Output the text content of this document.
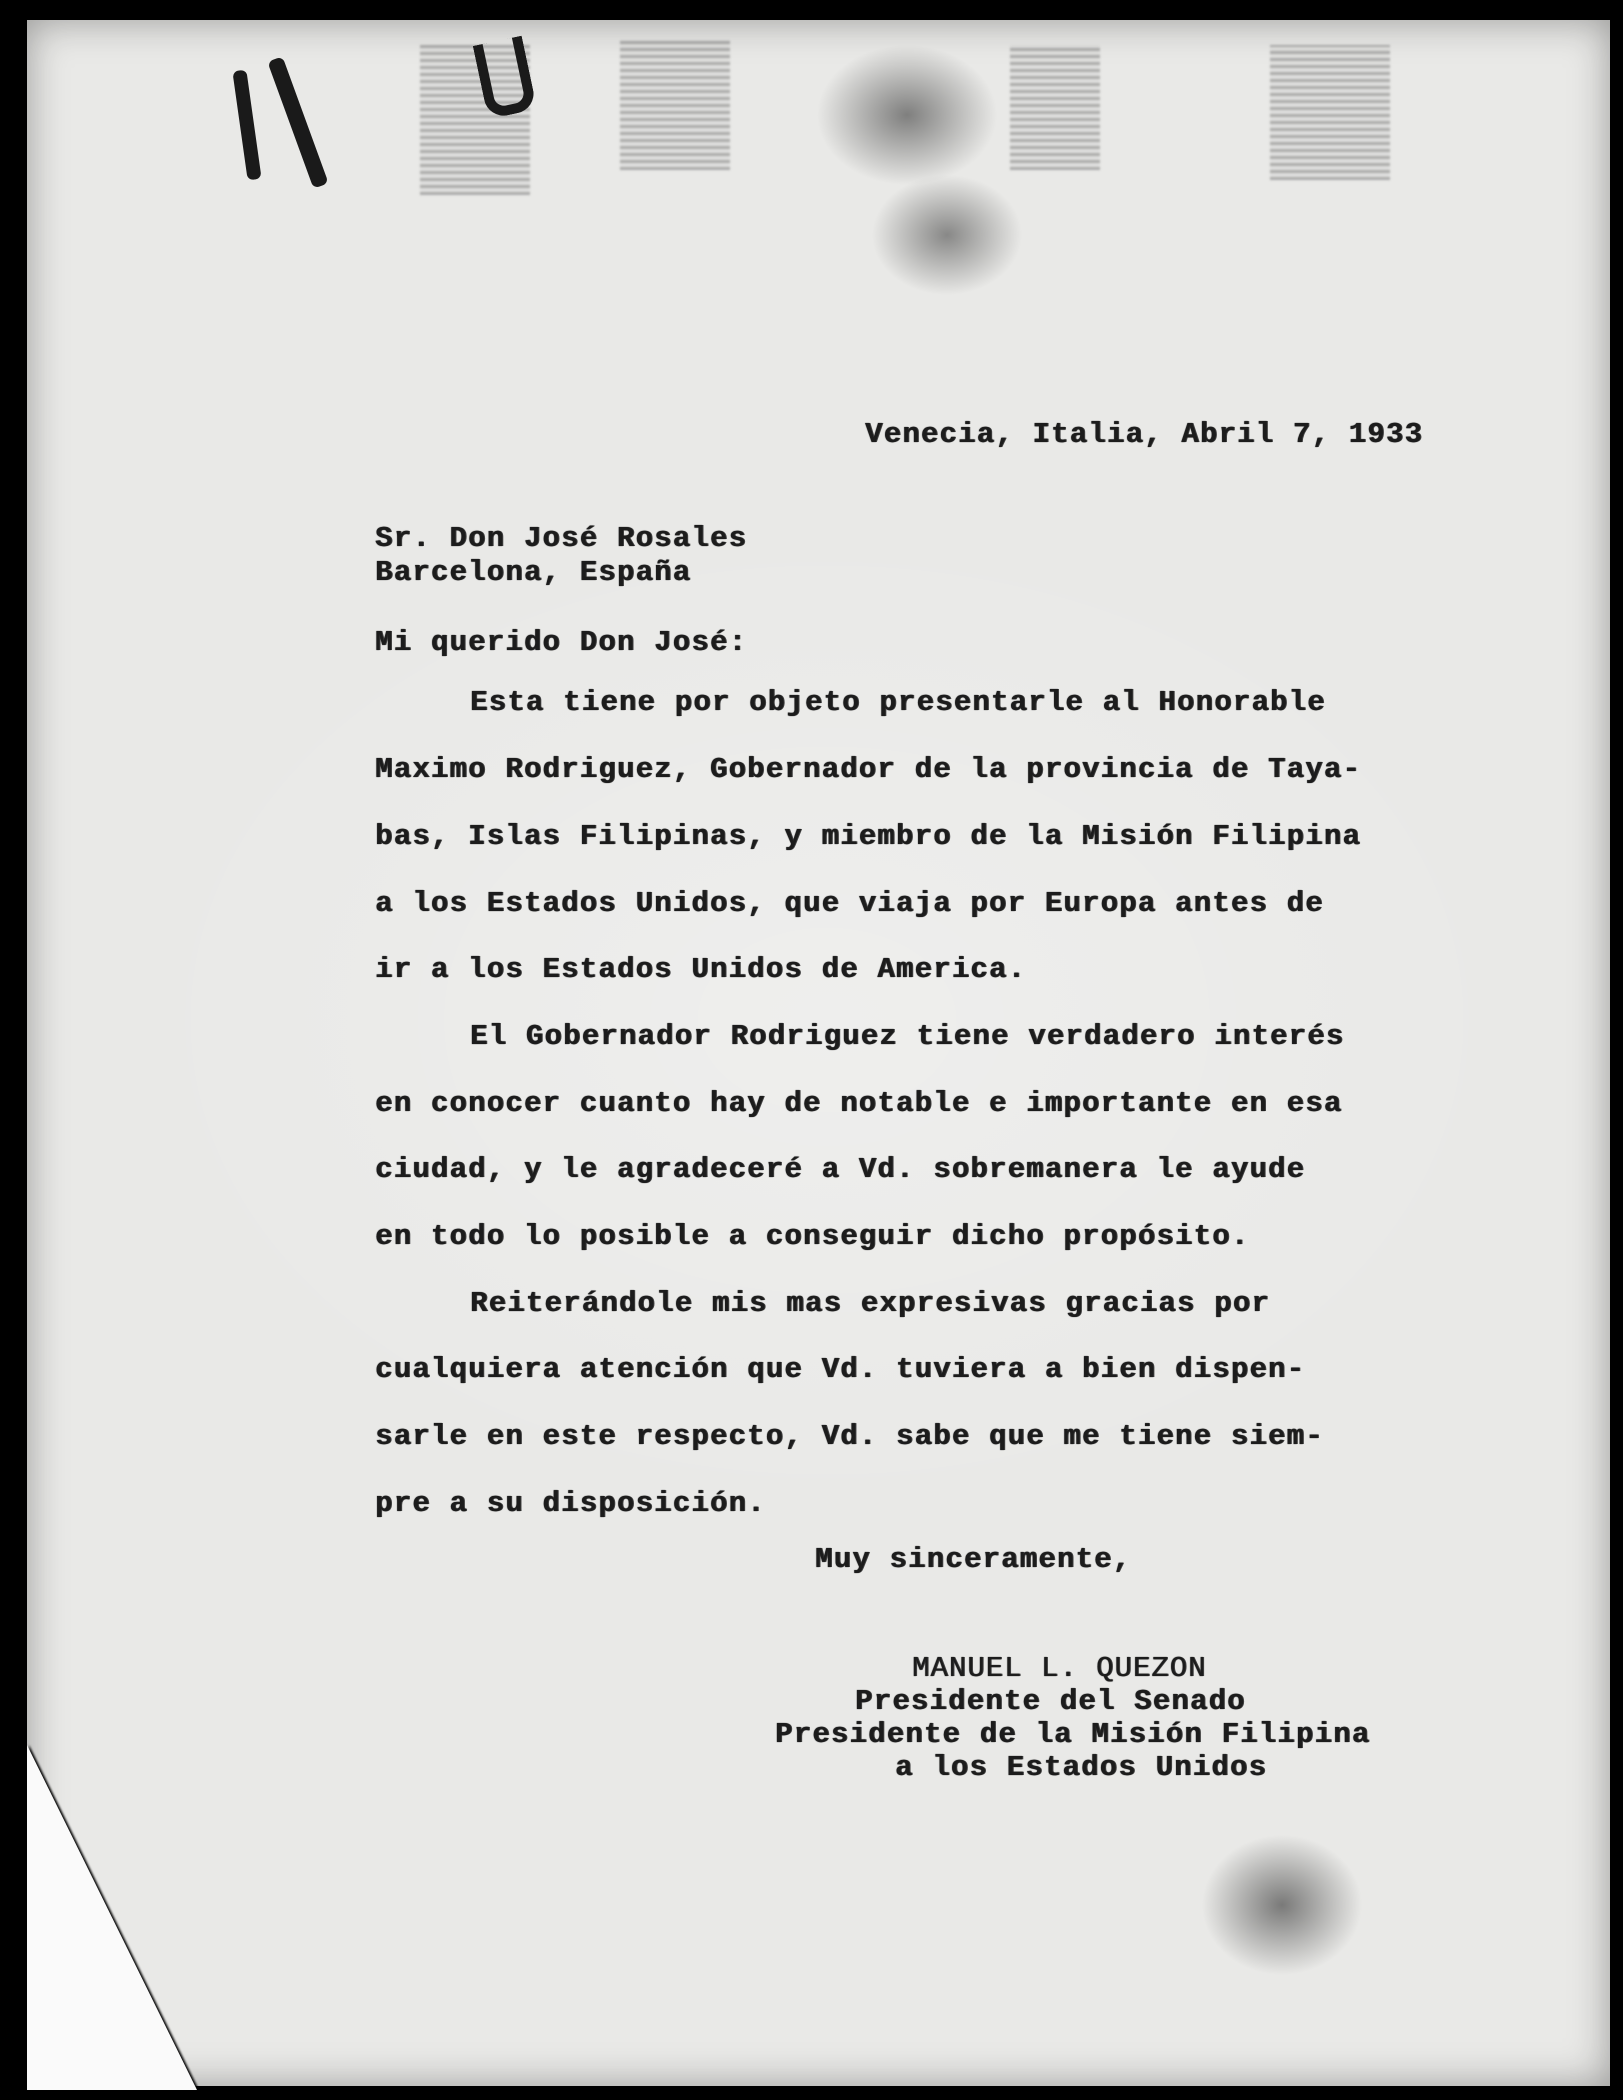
Venecia, Italia, Abril 7, 1933

Sr. Don José Rosales

Barcelona, España

Mi querido Don José:

Esta tiene por objeto presentarle al Honorable

Maximo Rodriguez, Gobernador de la provincia de Taya-

bas, Islas Filipinas, y miembro de la Misión Filipina

a los Estados Unidos, que viaja por Europa antes de

ir a los Estados Unidos de America.

El Gobernador Rodriguez tiene verdadero interés

en conocer cuanto hay de notable e importante en esa

ciudad, y le agradeceré a Vd. sobremanera le ayude

en todo lo posible a conseguir dicho propósito.

Reiterándole mis mas expresivas gracias por

cualquiera atención que Vd. tuviera a bien dispen-

sarle en este respecto, Vd. sabe que me tiene siem-

pre a su disposición.

Muy sinceramente,

MANUEL L. QUEZON

Presidente del Senado

Presidente de la Misión Filipina

a los Estados Unidos
